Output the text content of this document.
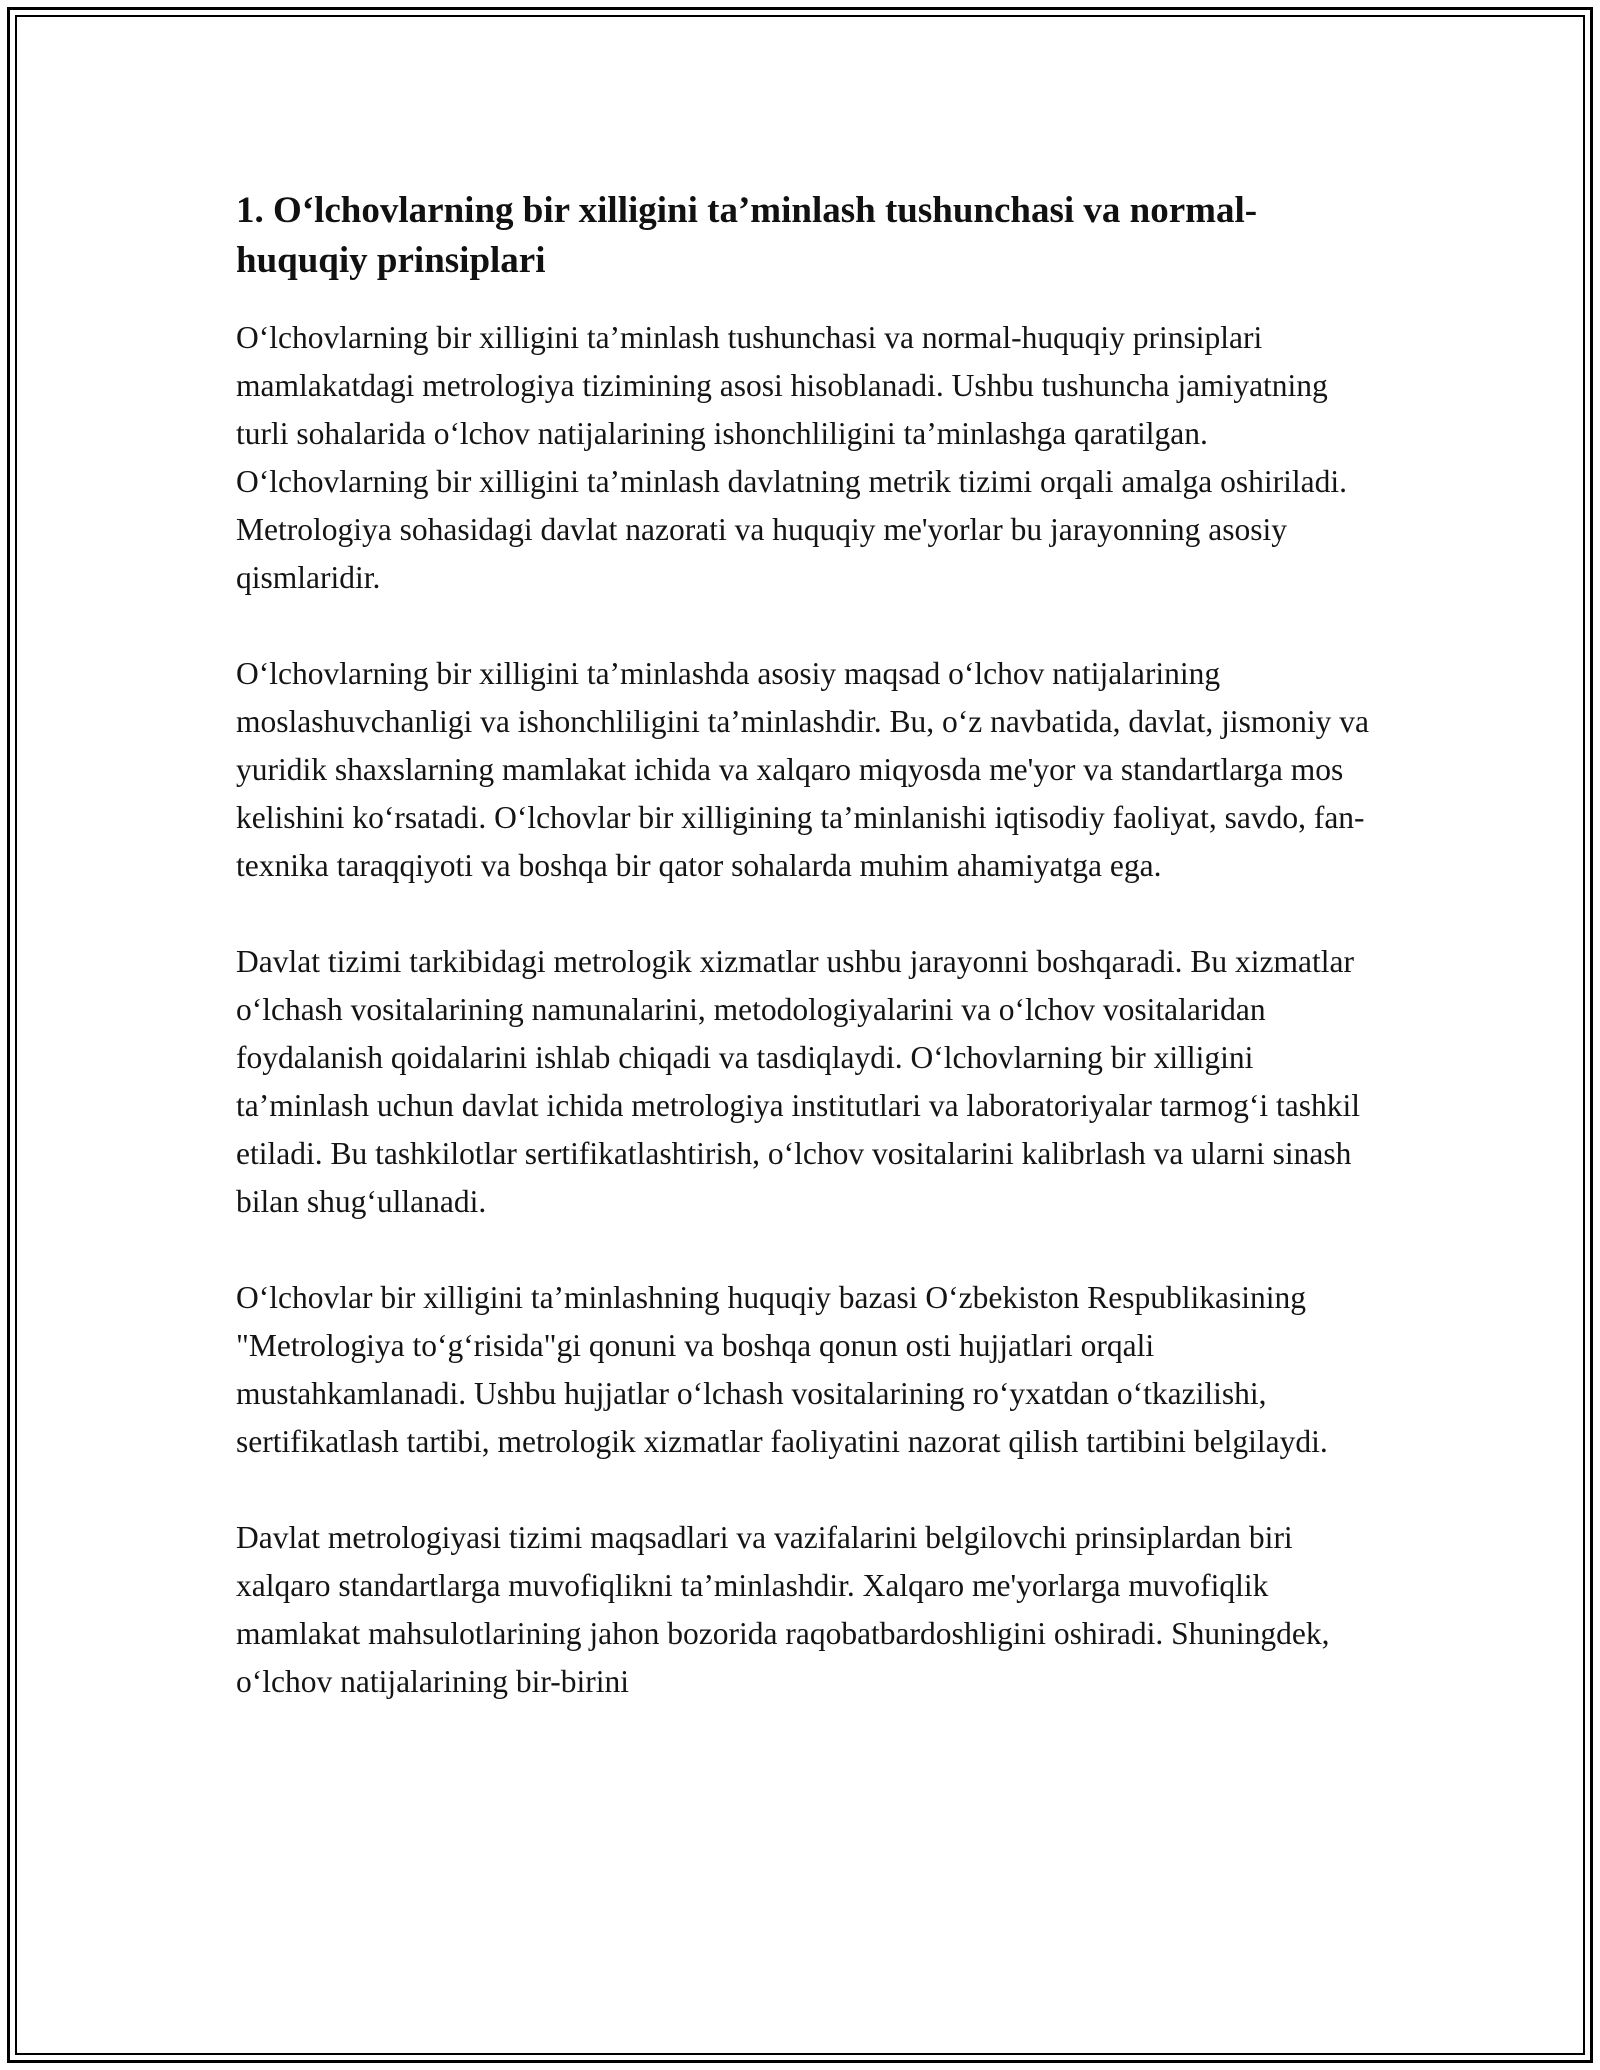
1. O‘lchovlarning bir xilligini ta’minlash tushunchasi va normal-huquqiy prinsiplari

O‘lchovlarning bir xilligini ta’minlash tushunchasi va normal-huquqiy prinsiplari mamlakatdagi metrologiya tizimining asosi hisoblanadi. Ushbu tushuncha jamiyatning turli sohalarida o‘lchov natijalarining ishonchliligini ta’minlashga qaratilgan. O‘lchovlarning bir xilligini ta’minlash davlatning metrik tizimi orqali amalga oshiriladi. Metrologiya sohasidagi davlat nazorati va huquqiy me'yorlar bu jarayonning asosiy qismlaridir.

O‘lchovlarning bir xilligini ta’minlashda asosiy maqsad o‘lchov natijalarining moslashuvchanligi va ishonchliligini ta’minlashdir. Bu, o‘z navbatida, davlat, jismoniy va yuridik shaxslarning mamlakat ichida va xalqaro miqyosda me'yor va standartlarga mos kelishini ko‘rsatadi. O‘lchovlar bir xilligining ta’minlanishi iqtisodiy faoliyat, savdo, fan-texnika taraqqiyoti va boshqa bir qator sohalarda muhim ahamiyatga ega.

Davlat tizimi tarkibidagi metrologik xizmatlar ushbu jarayonni boshqaradi. Bu xizmatlar o‘lchash vositalarining namunalarini, metodologiyalarini va o‘lchov vositalaridan foydalanish qoidalarini ishlab chiqadi va tasdiqlaydi. O‘lchovlarning bir xilligini ta’minlash uchun davlat ichida metrologiya institutlari va laboratoriyalar tarmog‘i tashkil etiladi. Bu tashkilotlar sertifikatlashtirish, o‘lchov vositalarini kalibrlash va ularni sinash bilan shug‘ullanadi.

O‘lchovlar bir xilligini ta’minlashning huquqiy bazasi O‘zbekiston Respublikasining "Metrologiya to‘g‘risida"gi qonuni va boshqa qonun osti hujjatlari orqali mustahkamlanadi. Ushbu hujjatlar o‘lchash vositalarining ro‘yxatdan o‘tkazilishi, sertifikatlash tartibi, metrologik xizmatlar faoliyatini nazorat qilish tartibini belgilaydi.

Davlat metrologiyasi tizimi maqsadlari va vazifalarini belgilovchi prinsiplardan biri xalqaro standartlarga muvofiqlikni ta’minlashdir. Xalqaro me'yorlarga muvofiqlik mamlakat mahsulotlarining jahon bozorida raqobatbardoshligini oshiradi. Shuningdek, o‘lchov natijalarining bir-birini
